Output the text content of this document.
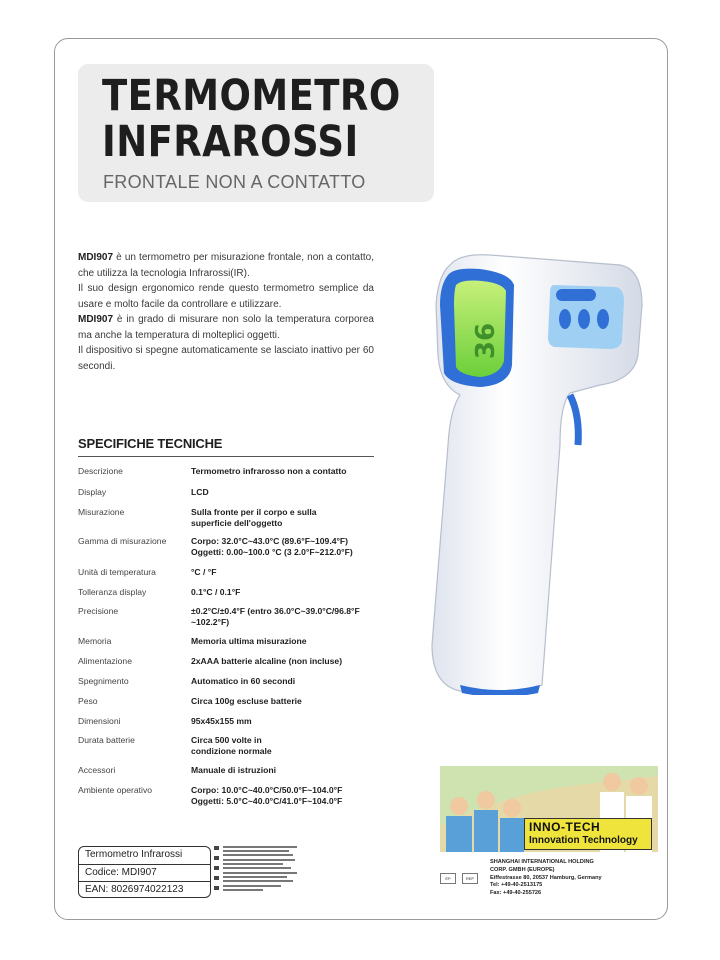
TERMOMETRO
INFRAROSSI
FRONTALE NON A CONTATTO

MDI907 è un termometro per misurazione frontale, non a contatto, che utilizza la tecnologia Infrarossi(IR).

Il suo design ergonomico rende questo termometro semplice da usare e molto facile da controllare e utilizzare.

MDI907 è in grado di misurare non solo la temperatura corporea ma anche la temperatura di molteplici oggetti.

Il dispositivo si spegne automaticamente se lasciato inattivo per 60 secondi.

SPECIFICHE TECNICHE
Descrizione	Termometro infrarosso non a contatto
Display	LCD
Misurazione	Sulla fronte per il corpo e sulla superficie dell'oggetto
Gamma di misurazione	Corpo: 32.0°C~43.0°C (89.6°F~109.4°F) Oggetti: 0.00~100.0 °C (3 2.0°F~212.0°F)
Unità di temperatura	°C / °F
Tolleranza display	0.1°C / 0.1°F
Precisione	±0.2°C/±0.4°F (entro 36.0°C~39.0°C/96.8°F ~102.2°F)
Memoria	Memoria ultima misurazione
Alimentazione	2xAAA batterie alcaline (non incluse)
Spegnimento	Automatico in 60 secondi
Peso	Circa 100g escluse batterie
Dimensioni	95x45x155 mm
Durata batterie	Circa 500 volte in condizione normale
Accessori	Manuale di istruzioni
Ambiente operativo	Corpo: 10.0°C~40.0°C/50.0°F~104.0°F Oggetti: 5.0°C~40.0°C/41.0°F~104.0°F
Termometro Infrarossi
Codice: MDI907
EAN: 8026974022123
36
INNO-TECH
Innovation Technology
EP	REP
SHANGHAI INTERNATIONAL HOLDING
CORP. GMBH (EUROPE)
Eiffestrasse 80, 20537 Hamburg, Germany
Tel: +49-40-2513175
Fax: +49-40-255726
